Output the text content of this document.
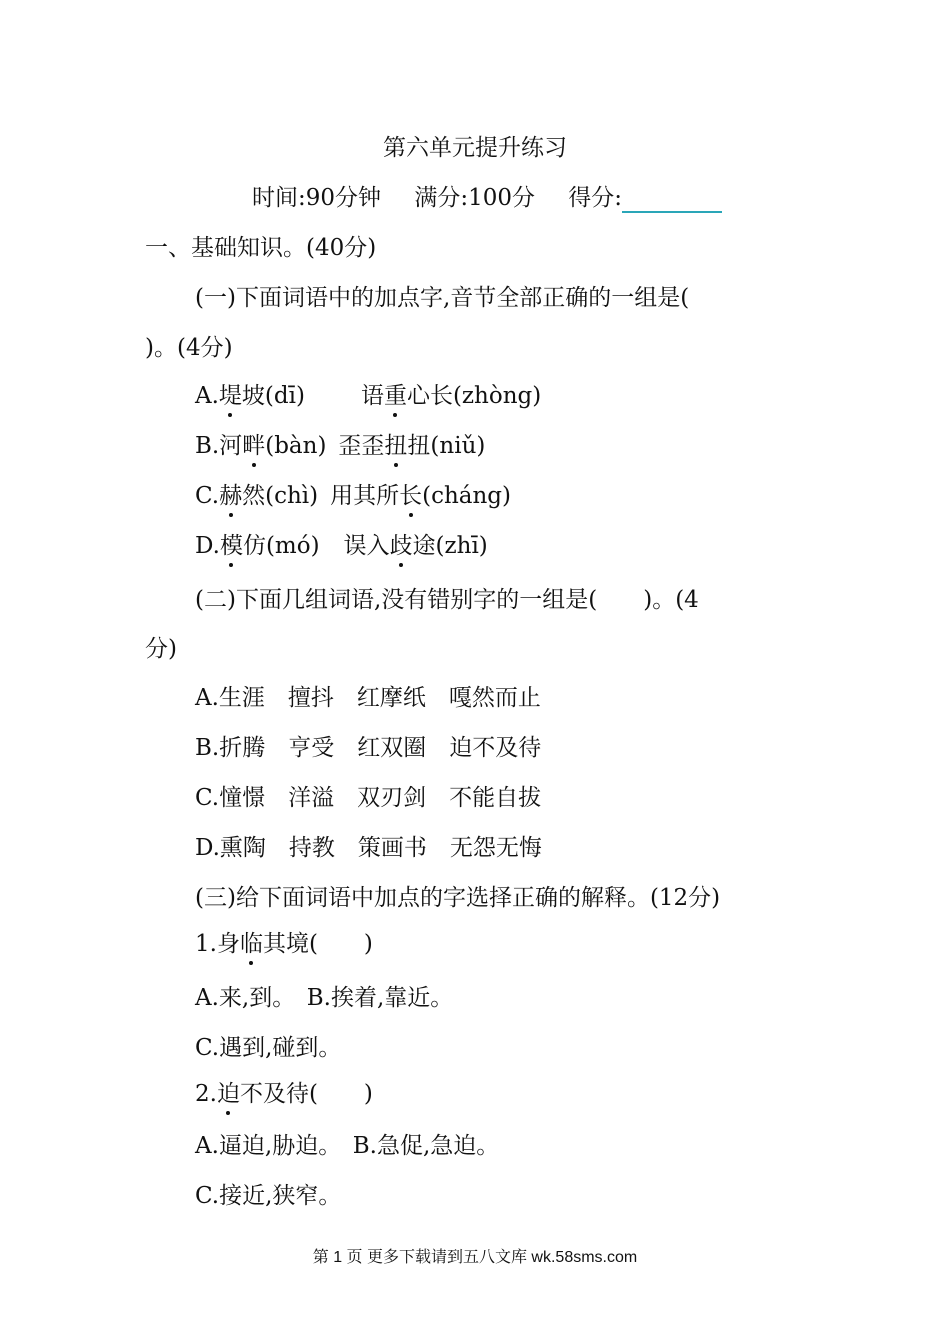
第六单元提升练习
时间:90分钟 满分:100分 得分:
一、基础知识。(40分)
(一)下面词语中的加点字,音节全部正确的一组是(
)。(4分)
A.堤坡(dī) 语重心长(zhòng)
B.河畔(bàn) 歪歪扭扭(niǔ)
C.赫然(chì) 用其所长(cháng)
D.模仿(mó) 误入歧途(zhī)
(二)下面几组词语,没有错别字的一组是(　　)。(4
分)
A.生涯　擅抖　红摩纸　嘎然而止
B.折腾　亨受　红双圈　迫不及待
C.憧憬　洋溢　双刃剑　不能自拔
D.熏陶　持教　策画书　无怨无悔
(三)给下面词语中加点的字选择正确的解释。(12分)
1.身临其境(　　)
A.来,到。　B.挨着,靠近。
C.遇到,碰到。
2.迫不及待(　　)
A.逼迫,胁迫。　B.急促,急迫。
C.接近,狭窄。
第 1 页 更多下载请到五八文库 wk.58sms.com
